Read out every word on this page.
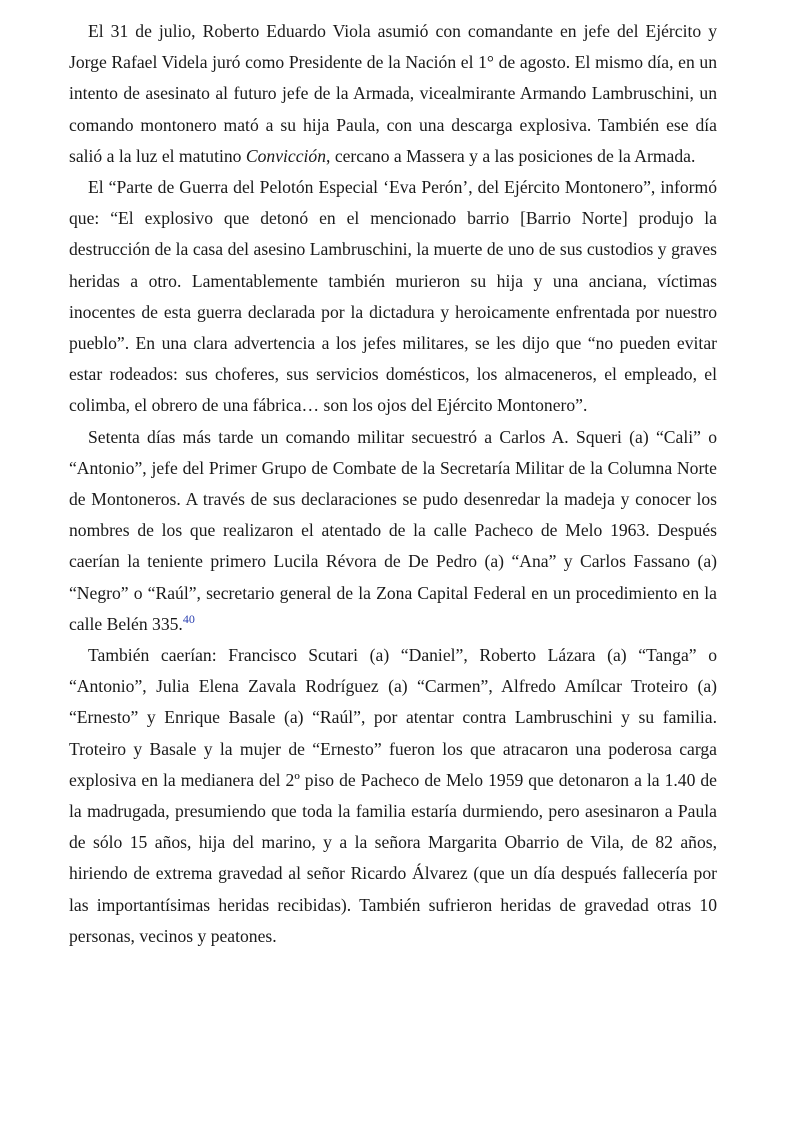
El 31 de julio, Roberto Eduardo Viola asumió con comandante en jefe del Ejército y Jorge Rafael Videla juró como Presidente de la Nación el 1° de agosto. El mismo día, en un intento de asesinato al futuro jefe de la Armada, vicealmirante Armando Lambruschini, un comando montonero mató a su hija Paula, con una descarga explosiva. También ese día salió a la luz el matutino Convicción, cercano a Massera y a las posiciones de la Armada.

El “Parte de Guerra del Pelotón Especial ‘Eva Perón’, del Ejército Montonero”, informó que: “El explosivo que detonó en el mencionado barrio [Barrio Norte] produjo la destrucción de la casa del asesino Lambruschini, la muerte de uno de sus custodios y graves heridas a otro. Lamentablemente también murieron su hija y una anciana, víctimas inocentes de esta guerra declarada por la dictadura y heroicamente enfrentada por nuestro pueblo”. En una clara advertencia a los jefes militares, se les dijo que “no pueden evitar estar rodeados: sus choferes, sus servicios domésticos, los almaceneros, el empleado, el colimba, el obrero de una fábrica… son los ojos del Ejército Montonero”.

Setenta días más tarde un comando militar secuestró a Carlos A. Squeri (a) “Cali” o “Antonio”, jefe del Primer Grupo de Combate de la Secretaría Militar de la Columna Norte de Montoneros. A través de sus declaraciones se pudo desenredar la madeja y conocer los nombres de los que realizaron el atentado de la calle Pacheco de Melo 1963. Después caerían la teniente primero Lucila Révora de De Pedro (a) “Ana” y Carlos Fassano (a) “Negro” o “Raúl”, secretario general de la Zona Capital Federal en un procedimiento en la calle Belén 335.40

También caerían: Francisco Scutari (a) “Daniel”, Roberto Lázara (a) “Tanga” o “Antonio”, Julia Elena Zavala Rodríguez (a) “Carmen”, Alfredo Amílcar Troteiro (a) “Ernesto” y Enrique Basale (a) “Raúl”, por atentar contra Lambruschini y su familia. Troteiro y Basale y la mujer de “Ernesto” fueron los que atracaron una poderosa carga explosiva en la medianera del 2º piso de Pacheco de Melo 1959 que detonaron a la 1.40 de la madrugada, presumiendo que toda la familia estaría durmiendo, pero asesinaron a Paula de sólo 15 años, hija del marino, y a la señora Margarita Obarrio de Vila, de 82 años, hiriendo de extrema gravedad al señor Ricardo Álvarez (que un día después fallecería por las importantísimas heridas recibidas). También sufrieron heridas de gravedad otras 10 personas, vecinos y peatones.
